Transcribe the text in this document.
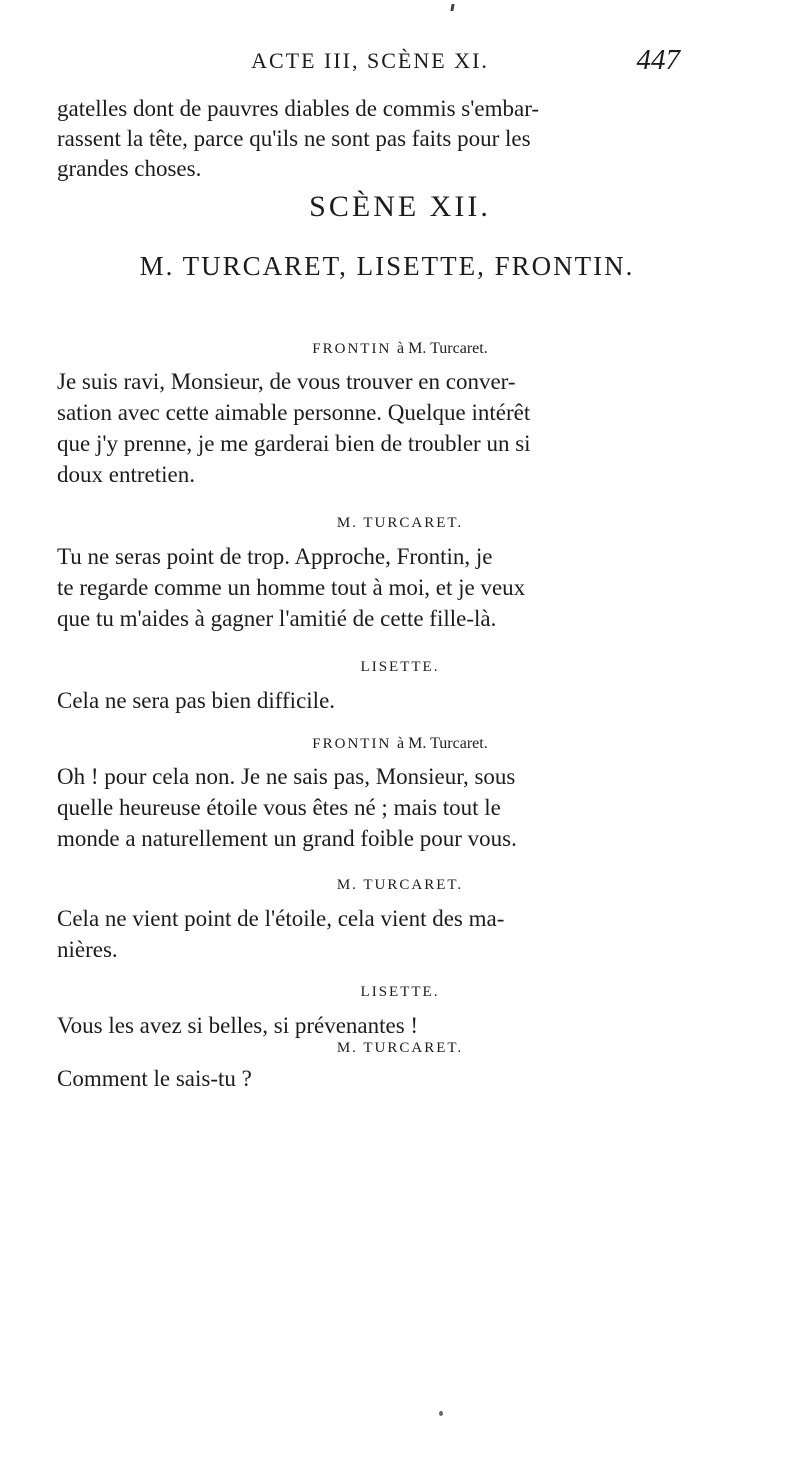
ACTE III, SCÈNE XI.	447
gatelles dont de pauvres diables de commis s'embar-
rassent la tête, parce qu'ils ne sont pas faits pour les
grandes choses.
SCÈNE XII.
M. TURCARET, LISETTE, FRONTIN.
FRONTIN à M. Turcaret.
Je suis ravi, Monsieur, de vous trouver en conver-
sation avec cette aimable personne. Quelque intérêt
que j'y prenne, je me garderai bien de troubler un si
doux entretien.
M. TURCARET.
Tu ne seras point de trop. Approche, Frontin, je
te regarde comme un homme tout à moi, et je veux
que tu m'aides à gagner l'amitié de cette fille-là.
LISETTE.
Cela ne sera pas bien difficile.
FRONTIN à M. Turcaret.
Oh ! pour cela non. Je ne sais pas, Monsieur, sous
quelle heureuse étoile vous êtes né ; mais tout le
monde a naturellement un grand foible pour vous.
M. TURCARET.
Cela ne vient point de l'étoile, cela vient des ma-
nières.
LISETTE.
Vous les avez si belles, si prévenantes !
M. TURCARET.
Comment le sais-tu ?
